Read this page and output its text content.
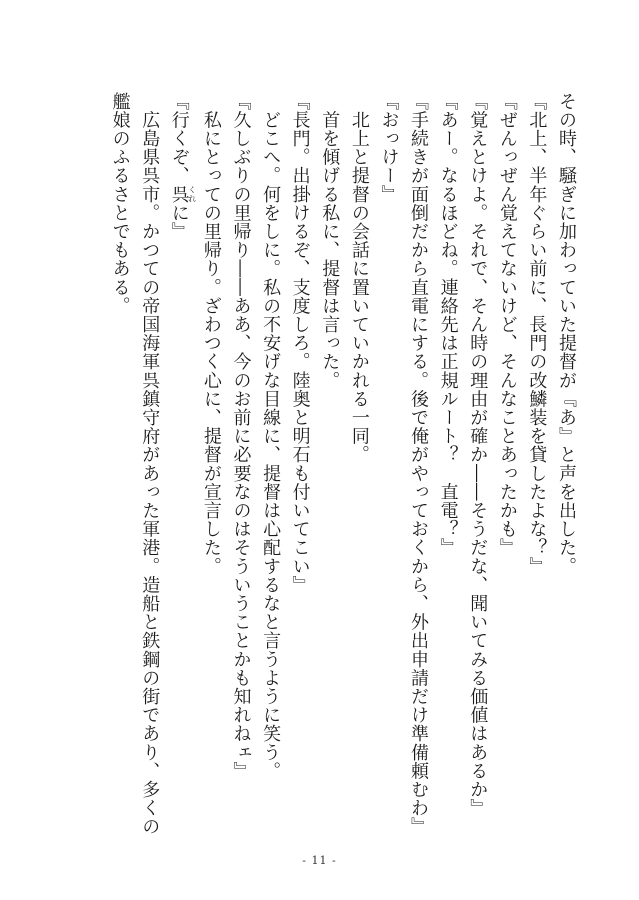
その時、騒ぎに加わっていた提督が『あ』と声を出した。
『北上、半年ぐらい前に、長門の改鱗装を貸したよな？』
『ぜんっぜん覚えてないけど、そんなことあったかも』
『覚えとけよ。それで、そん時の理由が確か――そうだな、聞いてみる価値はあるか』
『あー。なるほどね。連絡先は正規ルート？　直電？』
『手続きが面倒だから直電にする。後で俺がやっておくから、外出申請だけ準備頼むわ』
『おっけー』
　北上と提督の会話に置いていかれる一同。
　首を傾げる私に、提督は言った。
『長門。出掛けるぞ、支度しろ。陸奥と明石も付いてこい』
　どこへ。何をしに。私の不安げな目線に、提督は心配するなと言うように笑う。
『久しぶりの里帰り――ああ、今のお前に必要なのはそういうことかも知れねェ』
　私にとっての里帰り。ざわつく心に、提督が宣言した。
『行くぞ、呉くれに』
　広島県呉市。かつての帝国海軍呉鎮守府があった軍港。造船と鉄鋼の街であり、多くの
艦娘のふるさとでもある。
- 11 -
